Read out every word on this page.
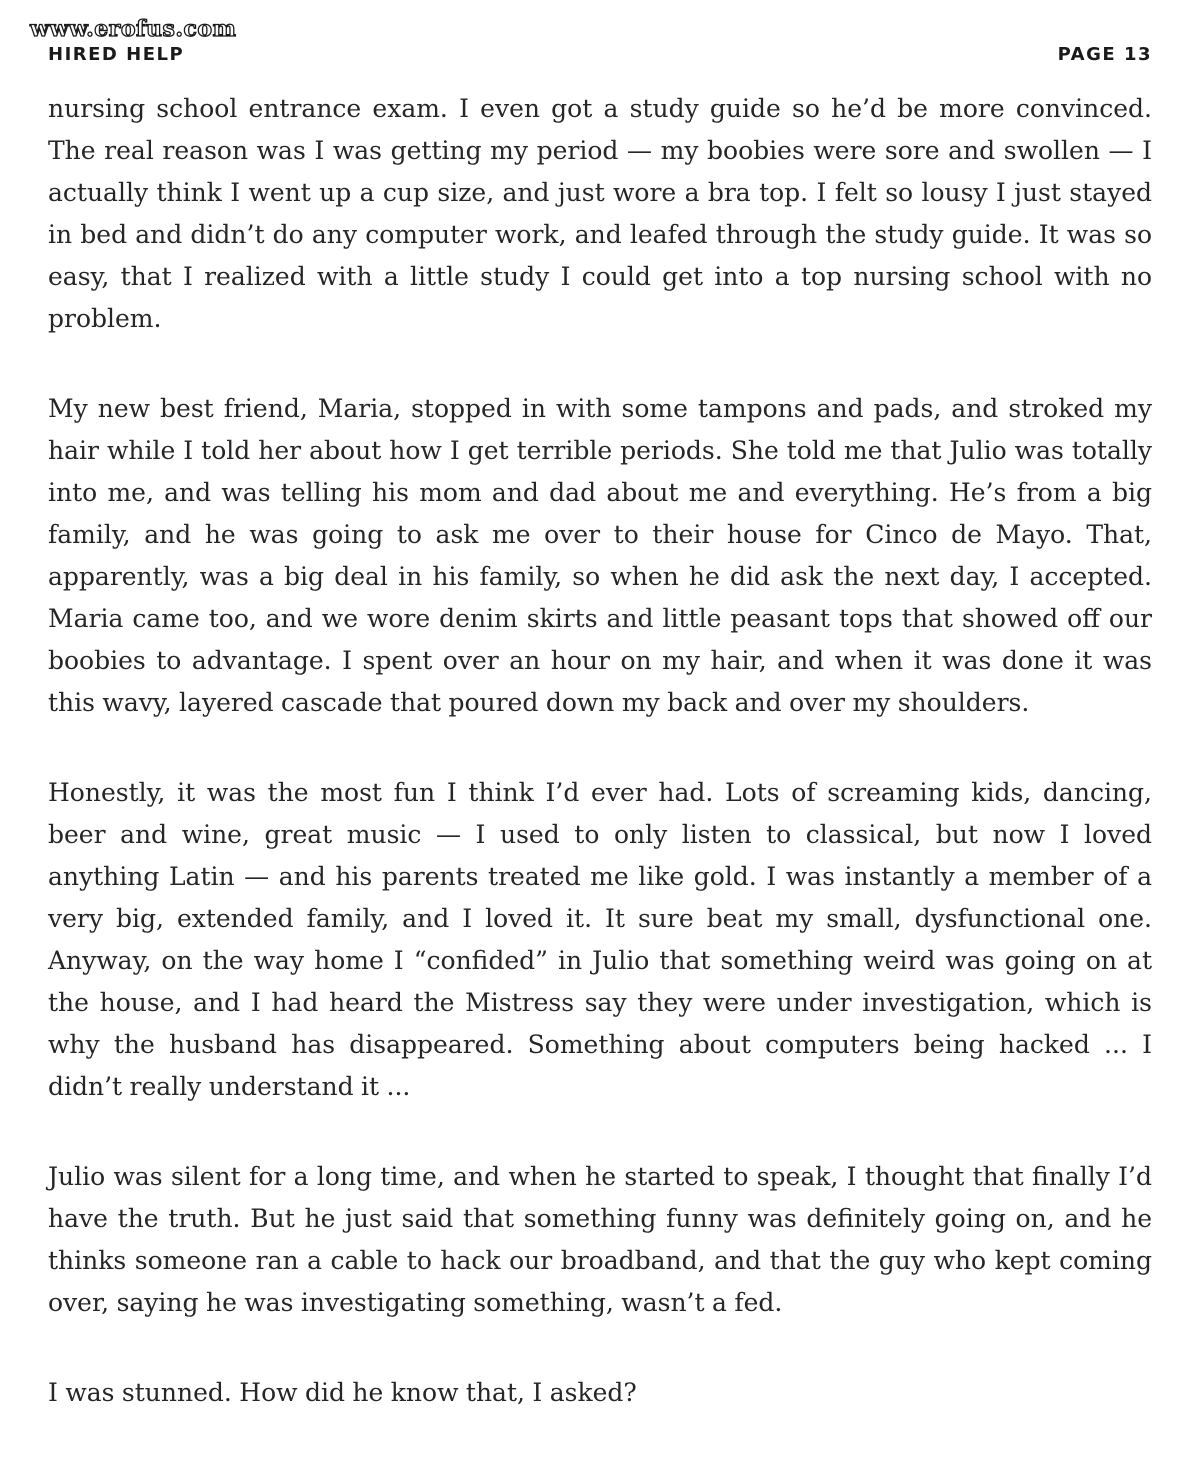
www.erofus.com
HIRED HELP	PAGE 13

nursing school entrance exam. I even got a study guide so he’d be more convinced. The real reason was I was getting my period — my boobies were sore and swollen — I actually think I went up a cup size, and just wore a bra top. I felt so lousy I just stayed in bed and didn’t do any computer work, and leafed through the study guide. It was so easy, that I realized with a little study I could get into a top nursing school with no problem.

My new best friend, Maria, stopped in with some tampons and pads, and stroked my hair while I told her about how I get terrible periods. She told me that Julio was totally into me, and was telling his mom and dad about me and everything. He’s from a big family, and he was going to ask me over to their house for Cinco de Mayo. That, apparently, was a big deal in his family, so when he did ask the next day, I accepted. Maria came too, and we wore denim skirts and little peasant tops that showed off our boobies to advantage. I spent over an hour on my hair, and when it was done it was this wavy, layered cascade that poured down my back and over my shoulders.

Honestly, it was the most fun I think I’d ever had. Lots of screaming kids, dancing, beer and wine, great music — I used to only listen to classical, but now I loved anything Latin — and his parents treated me like gold. I was instantly a member of a very big, extended family, and I loved it. It sure beat my small, dysfunctional one. Anyway, on the way home I “confided” in Julio that something weird was going on at the house, and I had heard the Mistress say they were under investigation, which is why the husband has disappeared. Something about computers being hacked ... I didn’t really understand it ...

Julio was silent for a long time, and when he started to speak, I thought that finally I’d have the truth. But he just said that something funny was definitely going on, and he thinks someone ran a cable to hack our broadband, and that the guy who kept coming over, saying he was investigating something, wasn’t a fed.

I was stunned. How did he know that, I asked?
